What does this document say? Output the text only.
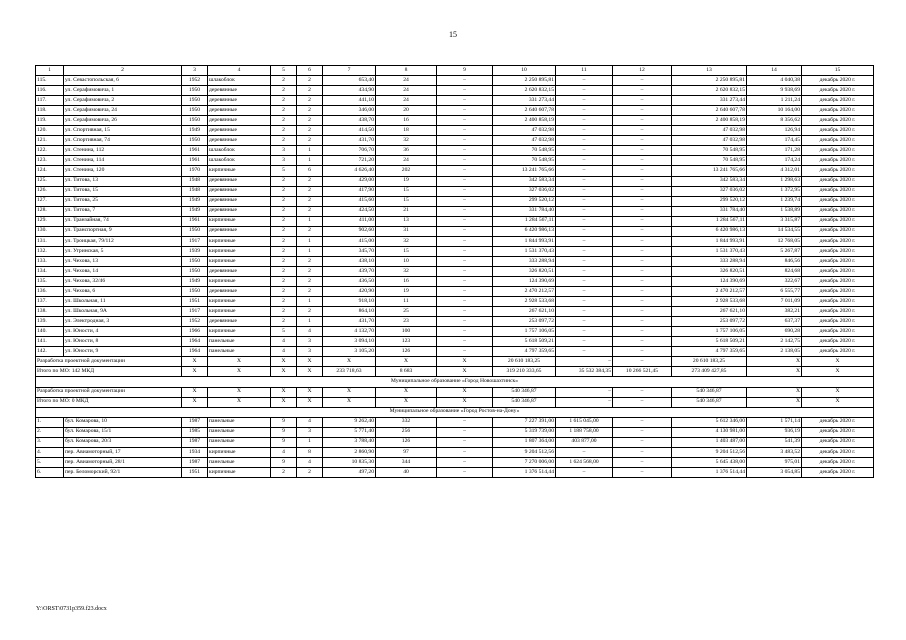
15
1	2	3	4	5	6	7	8	9	10	11	12	13	14	15
115.	ул. Севастопольская, 6	1952	шлакоблок	2	2	653,40	24	–	2 250 895,81	–	–	2 250 895,81	4 040,38	декабрь 2020 г.
116.	ул. Серафимовича, 1	1950	деревянные	2	2	434,90	24	–	2 620 832,15	–	–	2 620 832,15	9 938,69	декабрь 2020 г.
117.	ул. Серафимовича, 2	1950	деревянные	2	2	441,10	24	–	331 273,44	–	–	331 273,44	1 211,24	декабрь 2020 г.
118.	ул. Серафимовича, 24	1950	деревянные	2	2	346,00	20	–	2 640 607,78	–	–	2 640 607,78	10 164,00	декабрь 2020 г.
119.	ул. Серафимовича, 26	1950	деревянные	2	2	438,70	16	–	2 400 858,19	–	–	2 400 858,19	8 356,62	декабрь 2020 г.
120.	ул. Спортивная, 15	1949	деревянные	2	2	414,50	18	–	47 032,98	–	–	47 032,98	126,94	декабрь 2020 г.
121.	ул. Спортивная, 74	1950	деревянные	2	2	431,70	32	–	47 032,98	–	–	47 032,98	174,45	декабрь 2020 г.
122.	ул. Стенина, 112	1961	шлакоблок	3	1	706,70	36	–	70 548,95	–	–	70 548,95	171,28	декабрь 2020 г.
123.	ул. Стенина, 114	1961	шлакоблок	3	1	721,20	24	–	70 548,95	–	–	70 548,95	174,24	декабрь 2020 г.
124.	ул. Стенина, 120	1970	кирпичные	5	6	4 626,40	202	–	13 241 765,66	–	–	13 241 765,66	4 312,01	декабрь 2020 г.
125.	ул. Титова, 13	1948	деревянные	2	2	429,00	19	–	342 583,34	–	–	342 583,34	1 298,63	декабрь 2020 г.
126.	ул. Титова, 15	1948	деревянные	2	2	417,90	15	–	327 036,02	–	–	327 036,02	1 372,95	декабрь 2020 г.
127.	ул. Титова, 25	1949	деревянные	2	2	415,60	15	–	299 520,12	–	–	299 520,12	1 239,74	декабрь 2020 г.
128.	ул. Титова, 7	1949	деревянные	2	2	424,50	21	–	331 784,40	–	–	331 784,40	1 538,89	декабрь 2020 г.
129.	ул. Транзайная, 74	1961	кирпичные	2	1	411,00	13	–	1 284 567,11	–	–	1 284 567,11	3 315,87	декабрь 2020 г.
130.	ул. Транспортная, 9	1950	деревянные	2	2	902,60	31	–	6 420 986,13	–	–	6 420 986,13	14 534,55	декабрь 2020 г.
131.	ул. Троицкая, 79/112	1917	кирпичные	2	1	415,00	32	–	1 844 993,91	–	–	1 844 993,91	12 768,05	декабрь 2020 г.
132.	ул. Угринская, 5	1939	кирпичные	2	1	345,70	15	–	1 531 370,43	–	–	1 531 370,43	5 267,87	декабрь 2020 г.
133.	ул. Чехова, 13	1950	кирпичные	2	2	438,10	10	–	333 288,94	–	–	333 288,94	846,56	декабрь 2020 г.
134.	ул. Чехова, 14	1950	деревянные	2	2	439,70	32	–	326 820,51	–	–	326 820,51	824,68	декабрь 2020 г.
135.	ул. Чехова, 32/46	1949	кирпичные	2	2	436,50	16	–	124 390,69	–	–	124 390,69	322,67	декабрь 2020 г.
136.	ул. Чехова, 6	1950	деревянные	2	2	420,90	19	–	2 470 212,57	–	–	2 470 212,57	6 555,77	декабрь 2020 г.
137.	ул. Школьная, 11	1951	кирпичные	2	1	918,10	11	–	2 928 533,68	–	–	2 928 533,68	7 011,09	декабрь 2020 г.
138.	ул. Школьная, 9А	1917	кирпичные	2	2	864,10	25	–	267 621,10	–	–	267 621,10	382,21	декабрь 2020 г.
139.	ул. Электродная, 3	1952	деревянные	2	1	431,70	23	–	253 097,72	–	–	253 097,72	637,37	декабрь 2020 г.
140.	ул. Юности, 4	1966	кирпичные	5	4	4 132,70	100	–	1 757 106,05	–	–	1 757 106,05	690,28	декабрь 2020 г.
141.	ул. Юности, 8	1964	панельные	4	3	3 094,10	123	–	5 618 509,21	–	–	5 618 509,21	2 142,75	декабрь 2020 г.
142.	ул. Юности, 9	1964	панельные	4	3	3 105,20	126	–	4 797 359,65	–	–	4 797 359,65	2 138,05	декабрь 2020 г.
Разработка проектной документации		X	X	X	X	X	X	X	20 610 183,25	–	–	20 610 183,25	X	X
Итого по МО: 142 МКД		X	X	X	X	233 718,63	8 683	X	319 210 333,65	35 532 384,35	10 266 521,45	273 409 427,85	X	X
Муниципальное образование «Город Новошахтинск»														
Разработка проектной документации		X	X	X	X	X	X	X	540 346,87	–	–	540 346,87	X	X
Итого по МО: 0 МКД		X	X	X	X	X	X	X	540 346,87	–	–	540 346,87	X	X
Муниципальное образование «Город Ростов-на-Дону»														
1.	бул. Комарова, 10	1987	панельные	9	4	9 262,40	332	–	7 227 391,00	1 615 045,00	–	5 612 346,00	1 571,14	декабрь 2020 г.
2.	бул. Комарова, 15/1	1985	панельные	9	3	5 771,40	256	–	5 319 739,00	1 188 758,00	–	4 130 981,00	936,19	декабрь 2020 г.
3.	бул. Комарова, 20/3	1987	панельные	9	1	3 788,40	126	–	1 807 364,00	403 877,00	–	1 403 487,00	541,39	декабрь 2020 г.
4.	пер. Авиамоторный, 17	1934	кирпичные	4	8	2 860,90	97	–	9 204 512,56	–	–	9 204 512,56	3 483,52	декабрь 2020 г.
5.	пер. Авиамоторный, 28/1	1987	панельные	9	4	10 835,30	344	–	7 270 006,00	1 624 568,00	–	5 645 438,00	975,01	декабрь 2020 г.
6.	пер. Беломорский, 92/1	1951	кирпичные	2	2	497,20	40	–	1 376 514,44	–	–	1 376 514,44	3 054,85	декабрь 2020 г.
Y:\ORST\0731p359.f23.docx
